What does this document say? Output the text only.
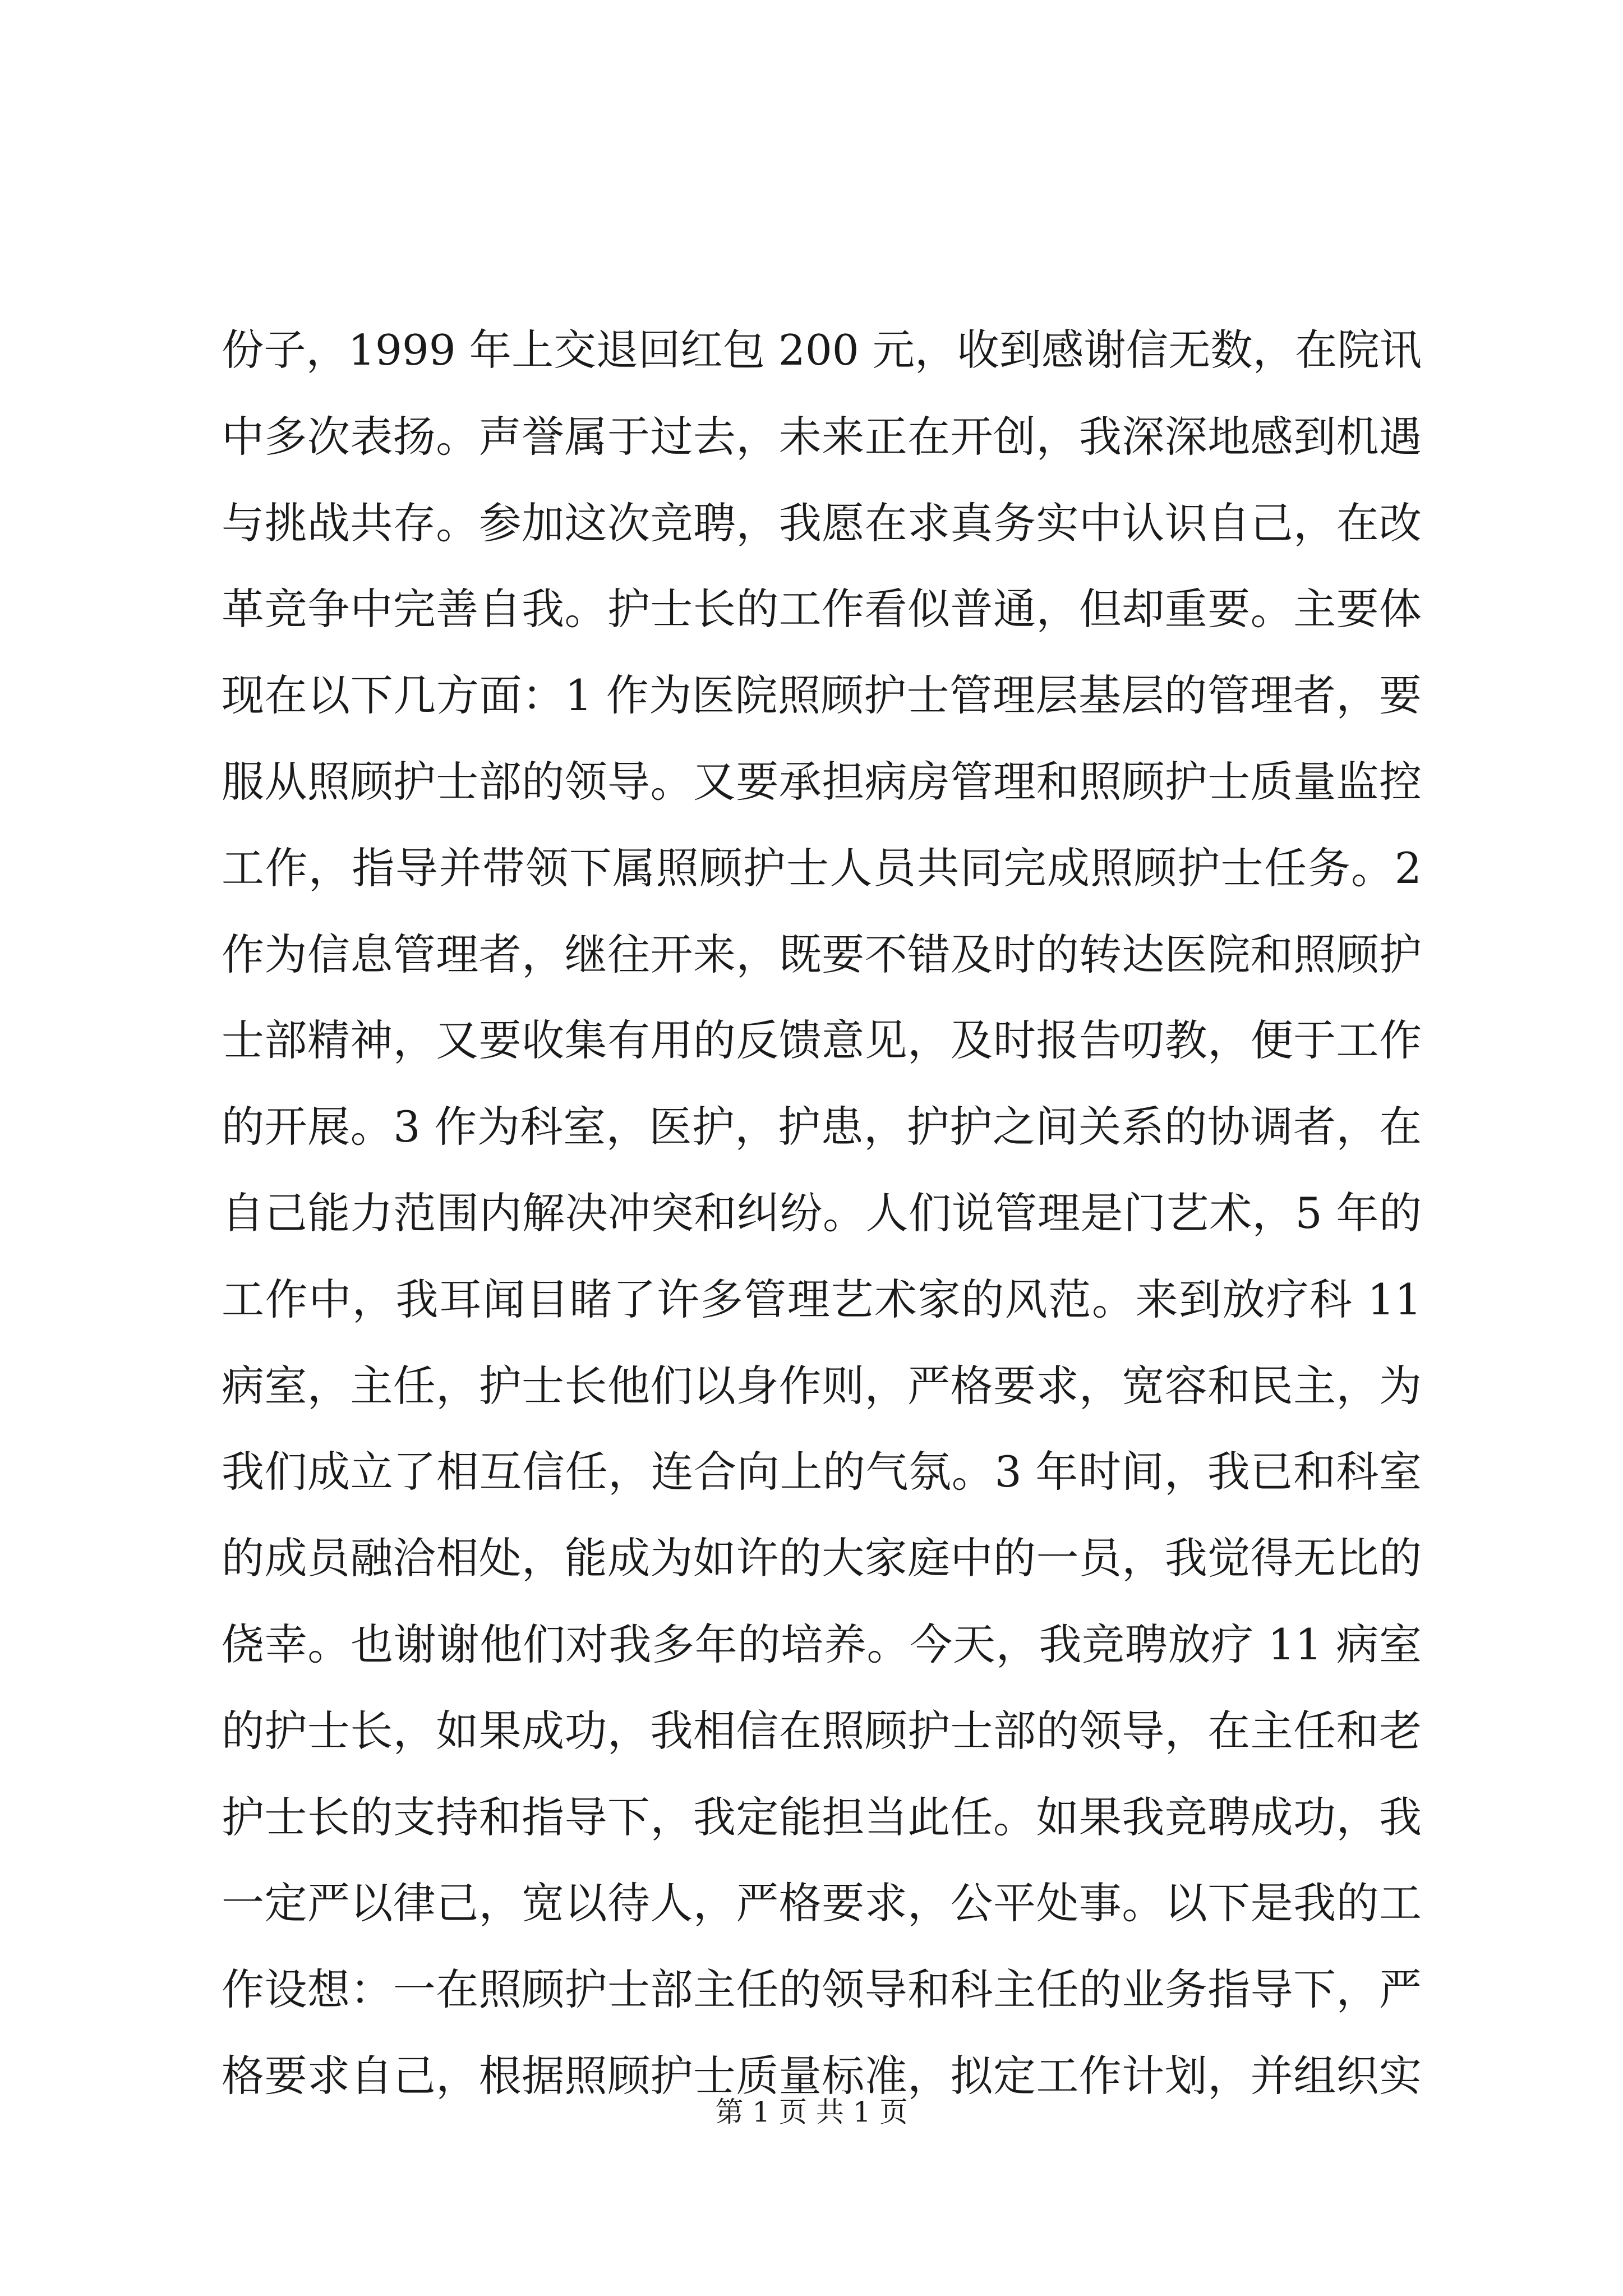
份子，1999 年上交退回红包 200 元，收到感谢信无数，在院讯
中多次表扬。声誉属于过去，未来正在开创，我深深地感到机遇
与挑战共存。参加这次竞聘，我愿在求真务实中认识自己，在改
革竞争中完善自我。护士长的工作看似普通，但却重要。主要体
现在以下几方面：1 作为医院照顾护士管理层基层的管理者，要
服从照顾护士部的领导。又要承担病房管理和照顾护士质量监控
工作，指导并带领下属照顾护士人员共同完成照顾护士任务。2
作为信息管理者，继往开来，既要不错及时的转达医院和照顾护
士部精神，又要收集有用的反馈意见，及时报告叨教，便于工作
的开展。3 作为科室，医护，护患，护护之间关系的协调者，在
自己能力范围内解决冲突和纠纷。人们说管理是门艺术，5 年的
工作中，我耳闻目睹了许多管理艺术家的风范。来到放疗科 11
病室，主任，护士长他们以身作则，严格要求，宽容和民主，为
我们成立了相互信任，连合向上的气氛。3 年时间，我已和科室
的成员融洽相处，能成为如许的大家庭中的一员，我觉得无比的
侥幸。也谢谢他们对我多年的培养。今天，我竞聘放疗 11 病室
的护士长，如果成功，我相信在照顾护士部的领导，在主任和老
护士长的支持和指导下，我定能担当此任。如果我竞聘成功，我
一定严以律己，宽以待人，严格要求，公平处事。以下是我的工
作设想：一在照顾护士部主任的领导和科主任的业务指导下，严
格要求自己，根据照顾护士质量标准，拟定工作计划，并组织实
第 1 页 共 1 页
